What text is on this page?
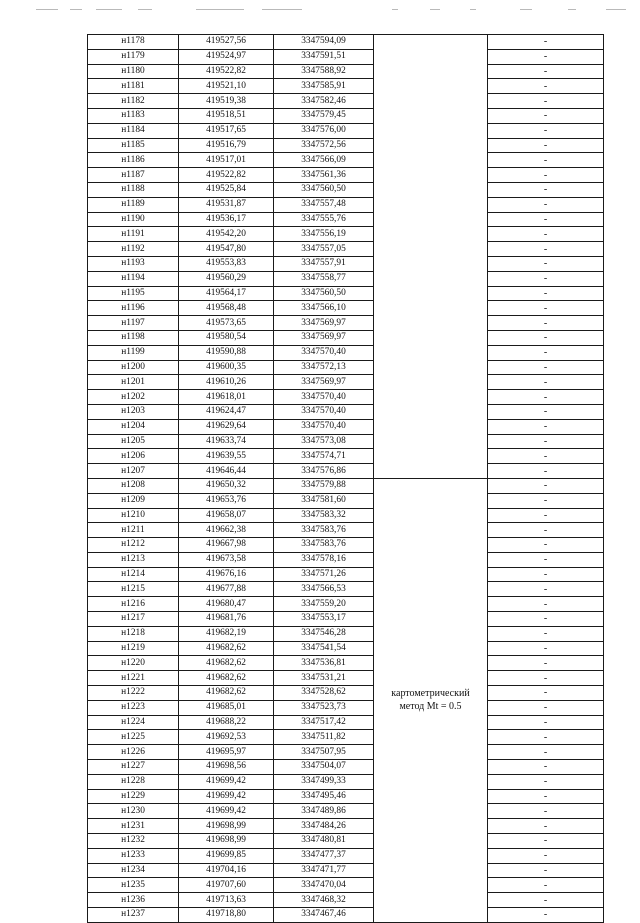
н1178	419527,56	3347594,09		-
н1179	419524,97	3347591,51		-
н1180	419522,82	3347588,92		-
н1181	419521,10	3347585,91		-
н1182	419519,38	3347582,46		-
н1183	419518,51	3347579,45		-
н1184	419517,65	3347576,00		-
н1185	419516,79	3347572,56		-
н1186	419517,01	3347566,09		-
н1187	419522,82	3347561,36		-
н1188	419525,84	3347560,50		-
н1189	419531,87	3347557,48		-
н1190	419536,17	3347555,76		-
н1191	419542,20	3347556,19		-
н1192	419547,80	3347557,05		-
н1193	419553,83	3347557,91		-
н1194	419560,29	3347558,77		-
н1195	419564,17	3347560,50		-
н1196	419568,48	3347566,10		-
н1197	419573,65	3347569,97		-
н1198	419580,54	3347569,97		-
н1199	419590,88	3347570,40		-
н1200	419600,35	3347572,13		-
н1201	419610,26	3347569,97		-
н1202	419618,01	3347570,40		-
н1203	419624,47	3347570,40		-
н1204	419629,64	3347570,40		-
н1205	419633,74	3347573,08		-
н1206	419639,55	3347574,71		-
н1207	419646,44	3347576,86		-
н1208	419650,32	3347579,88	картометрический метод Mt = 0.5	-
н1209	419653,76	3347581,60		-
н1210	419658,07	3347583,32		-
н1211	419662,38	3347583,76		-
н1212	419667,98	3347583,76		-
н1213	419673,58	3347578,16		-
н1214	419676,16	3347571,26		-
н1215	419677,88	3347566,53		-
н1216	419680,47	3347559,20		-
н1217	419681,76	3347553,17		-
н1218	419682,19	3347546,28		-
н1219	419682,62	3347541,54		-
н1220	419682,62	3347536,81		-
н1221	419682,62	3347531,21		-
н1222	419682,62	3347528,62		-
н1223	419685,01	3347523,73		-
н1224	419688,22	3347517,42		-
н1225	419692,53	3347511,82		-
н1226	419695,97	3347507,95		-
н1227	419698,56	3347504,07		-
н1228	419699,42	3347499,33		-
н1229	419699,42	3347495,46		-
н1230	419699,42	3347489,86		-
н1231	419698,99	3347484,26		-
н1232	419698,99	3347480,81		-
н1233	419699,85	3347477,37		-
н1234	419704,16	3347471,77		-
н1235	419707,60	3347470,04		-
н1236	419713,63	3347468,32		-
н1237	419718,80	3347467,46		-
